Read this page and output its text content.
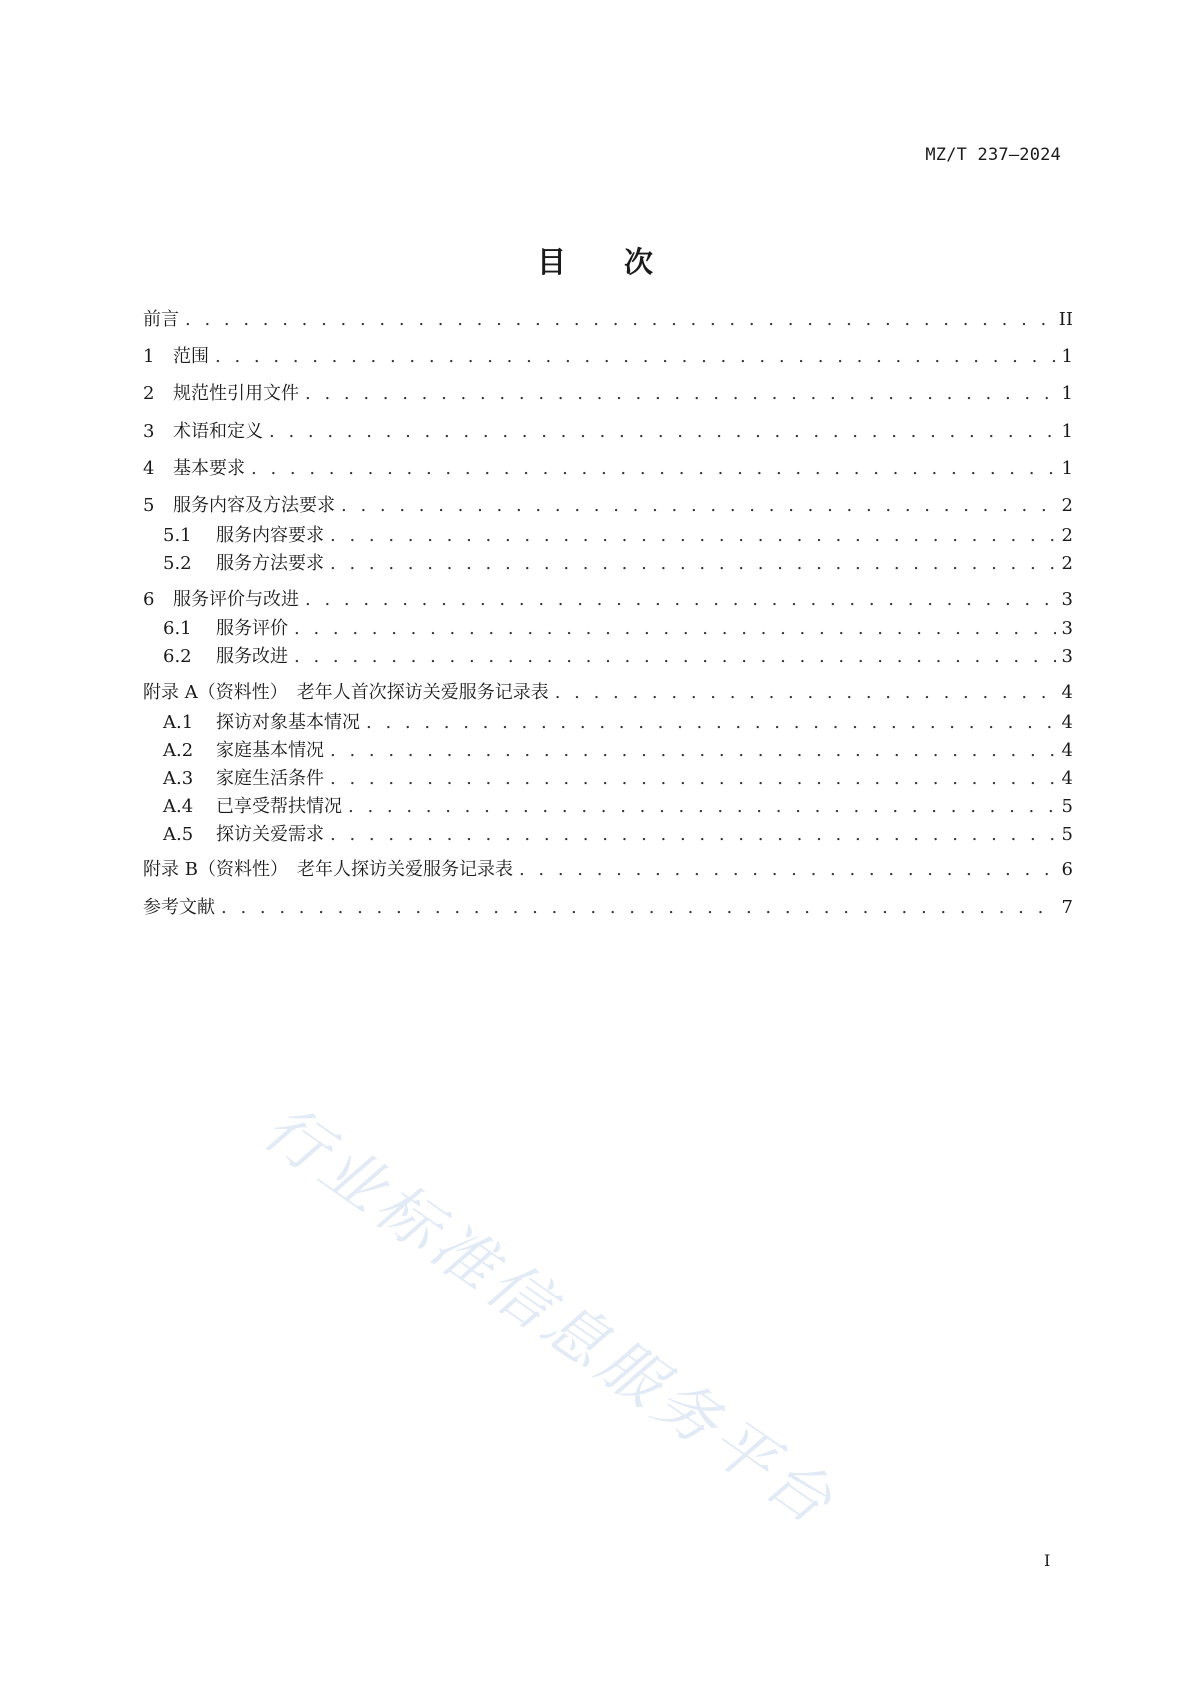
MZ/T 237—2024
目次
前言 . . .	II
1	范围 . . .	1
2	规范性引用文件 . . .	1
3	术语和定义 . . .	1
4	基本要求 . . .	1
5	服务内容及方法要求 . . .	2
5.1	服务内容要求 . . .	2
5.2	服务方法要求 . . .	2
6	服务评价与改进 . . .	3
6.1	服务评价 . . .	3
6.2	服务改进 . . .	3
附录 A（资料性）　老年人首次探访关爱服务记录表 . . .	4
A.1	探访对象基本情况 . . .	4
A.2	家庭基本情况 . . .	4
A.3	家庭生活条件 . . .	4
A.4	已享受帮扶情况 . . .	5
A.5	探访关爱需求 . . .	5
附录 B（资料性）　老年人探访关爱服务记录表 . . .	6
参考文献 . . .	7
行业标准信息服务平台
I
